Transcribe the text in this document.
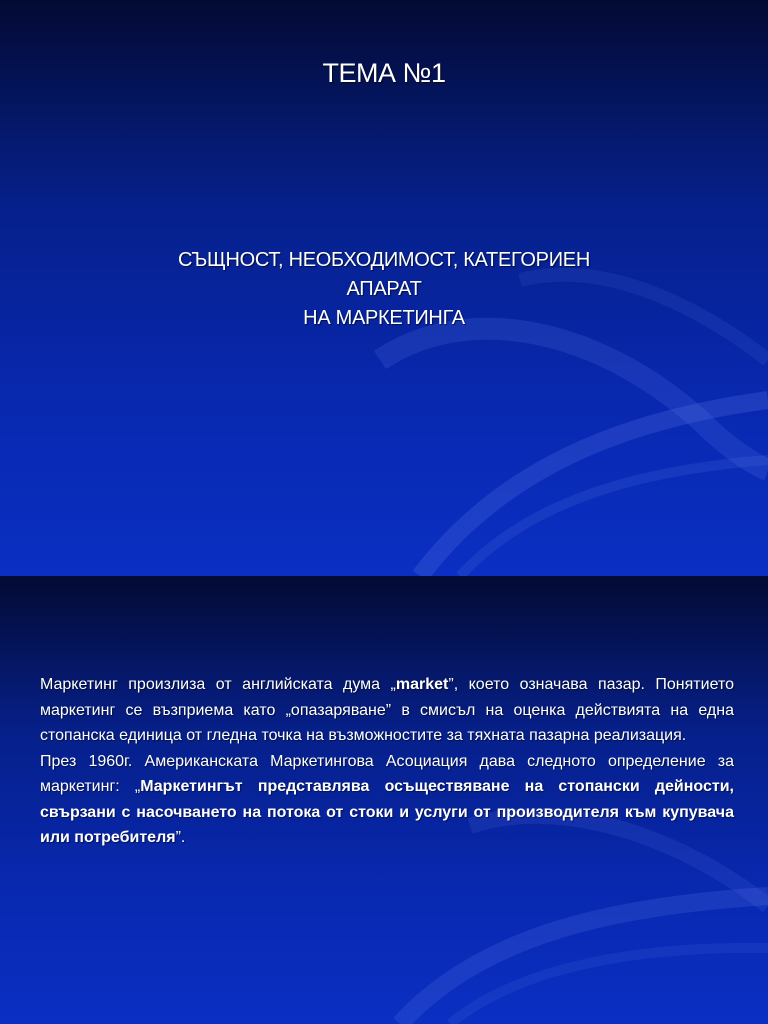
ТЕМА №1
СЪЩНОСТ, НЕОБХОДИМОСТ, КАТЕГОРИЕН
АПАРАТ
НА МАРКЕТИНГА

Маркетинг произлиза от английската дума „market”, което означава пазар. Понятието маркетинг се възприема като „опазаряване” в смисъл на оценка действията на една стопанска единица от гледна точка на възможностите за тяхната пазарна реализация.

През 1960г. Американската Маркетингова Асоциация дава следното определение за маркетинг: „Маркетингът представлява осъществяване на стопански дейности, свързани с насочването на потока от стоки и услуги от производителя към купувача или потребителя”.
